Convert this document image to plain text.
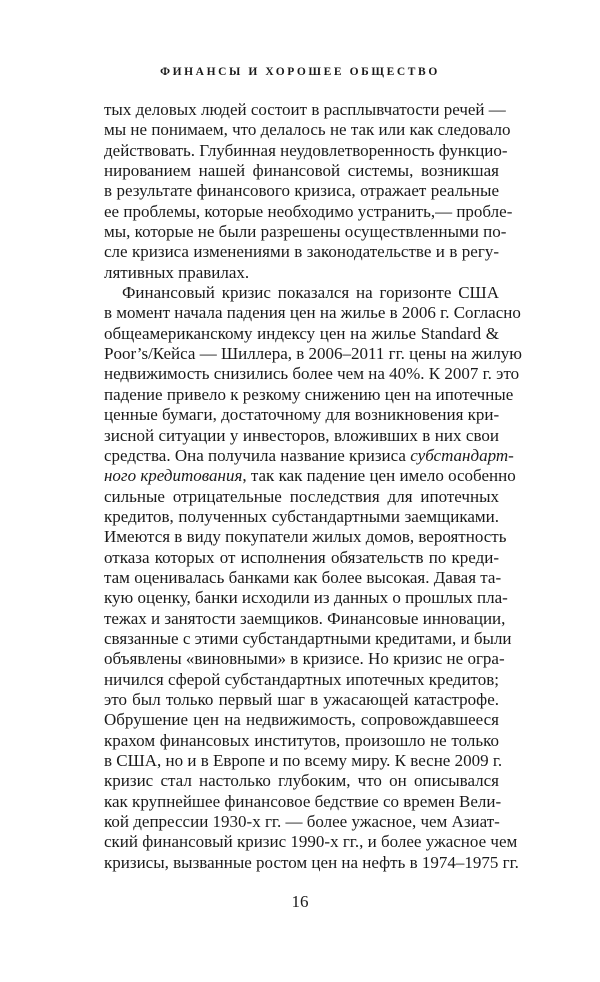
ФИНАНСЫ И ХОРОШЕЕ ОБЩЕСТВО
тых деловых людей состоит в расплывчатости речей —
мы не понимаем, что делалось не так или как следовало
действовать. Глубинная неудовлетворенность функцио-
нированием нашей финансовой системы, возникшая
в результате финансового кризиса, отражает реальные
ее проблемы, которые необходимо устранить,— пробле-
мы, которые не были разрешены осуществленными по-
сле кризиса изменениями в законодательстве и в регу-
лятивных правилах.
Финансовый кризис показался на горизонте США
в момент начала падения цен на жилье в 2006 г. Согласно
общеамериканскому индексу цен на жилье Standard &
Poor’s/Кейса — Шиллера, в 2006–2011 гг. цены на жилую
недвижимость снизились более чем на 40%. К 2007 г. это
падение привело к резкому снижению цен на ипотечные
ценные бумаги, достаточному для возникновения кри-
зисной ситуации у инвесторов, вложивших в них свои
средства. Она получила название кризиса субстандарт-
ного кредитования, так как падение цен имело особенно
сильные отрицательные последствия для ипотечных
кредитов, полученных субстандартными заемщиками.
Имеются в виду покупатели жилых домов, вероятность
отказа которых от исполнения обязательств по креди-
там оценивалась банками как более высокая. Давая та-
кую оценку, банки исходили из данных о прошлых пла-
тежах и занятости заемщиков. Финансовые инновации,
связанные с этими субстандартными кредитами, и были
объявлены «виновными» в кризисе. Но кризис не огра-
ничился сферой субстандартных ипотечных кредитов;
это был только первый шаг в ужасающей катастрофе.
Обрушение цен на недвижимость, сопровождавшееся
крахом финансовых институтов, произошло не только
в США, но и в Европе и по всему миру. К весне 2009 г.
кризис стал настолько глубоким, что он описывался
как крупнейшее финансовое бедствие со времен Вели-
кой депрессии 1930-х гг. — более ужасное, чем Азиат-
ский финансовый кризис 1990-х гг., и более ужасное чем
кризисы, вызванные ростом цен на нефть в 1974–1975 гг.
16
